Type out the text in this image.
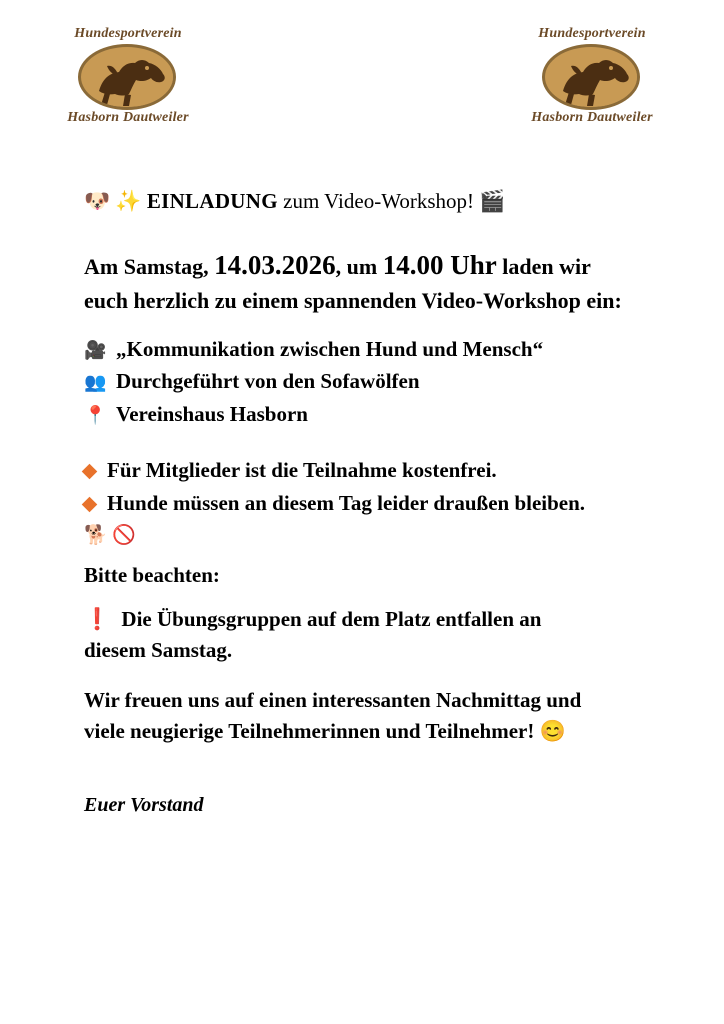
Hundesportverein
Hasborn Dautweiler
Hundesportverein
Hasborn Dautweiler
🐶 ✨ EINLADUNG zum Video-Workshop! 🎬
Am Samstag, 14.03.2026, um 14.00 Uhr laden wir
euch herzlich zu einem spannenden Video-Workshop ein:
🎥 „Kommunikation zwischen Hund und Mensch“
👥 Durchgeführt von den Sofawölfen
📍 Vereinshaus Hasborn
Für Mitglieder ist die Teilnahme kostenfrei.
Hunde müssen an diesem Tag leider draußen bleiben.
🐕 🚫

Bitte beachten:

❗ Die Übungsgruppen auf dem Platz entfallen an

diesem Samstag.

Wir freuen uns auf einen interessanten Nachmittag und

viele neugierige Teilnehmerinnen und Teilnehmer! 😊

Euer Vorstand
